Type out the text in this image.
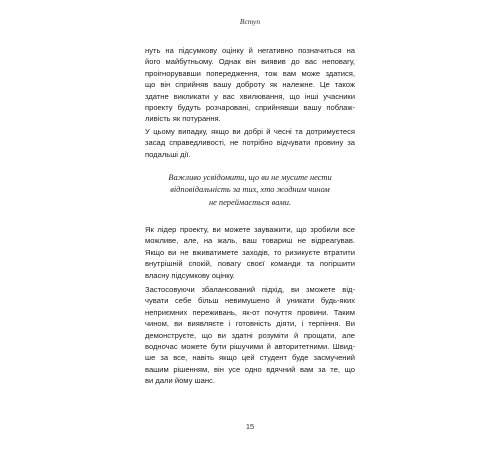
Вступ
нуть на підсумкову оцінку й негативно позначиться на
його майбутньому. Однак він виявив до вас неповагу,
проігнорувавши попередження, тож вам може здатися,
що він сприйняв вашу доброту як належне. Це також
здатне викликати у вас хвилювання, що інші учасники
проекту будуть розчаровані, сприйнявши вашу поблаж-
ливість як потурання.
У цьому випадку, якщо ви добрі й чесні та дотримуєтеся
засад справедливості, не потрібно відчувати провину за
подальші дії.
Важливо усвідомити, що ви не мусите нести
відповідальність за тих, хто жодним чином
не переймається вами.
Як лідер проекту, ви можете зауважити, що зробили все
можливе, але, на жаль, ваш товариш не відреагував.
Якщо ви не вживатимете заходів, то ризикуєте втратити
внутрішній спокій, повагу своєї команди та погіршити
власну підсумкову оцінку.
Застосовуючи збалансований підхід, ви зможете від-
чувати себе більш невимушено й уникати будь-яких
неприємних переживань, як-от почуття провини. Таким
чином, ви виявляєте і готовність діяти, і терпіння. Ви
демонструєте, що ви здатні розуміти й прощати, але
водночас можете бути рішучими й авторитетними. Швид-
ше за все, навіть якщо цей студент буде засмучений
вашим рішенням, він усе одно вдячний вам за те, що
ви дали йому шанс.
15
